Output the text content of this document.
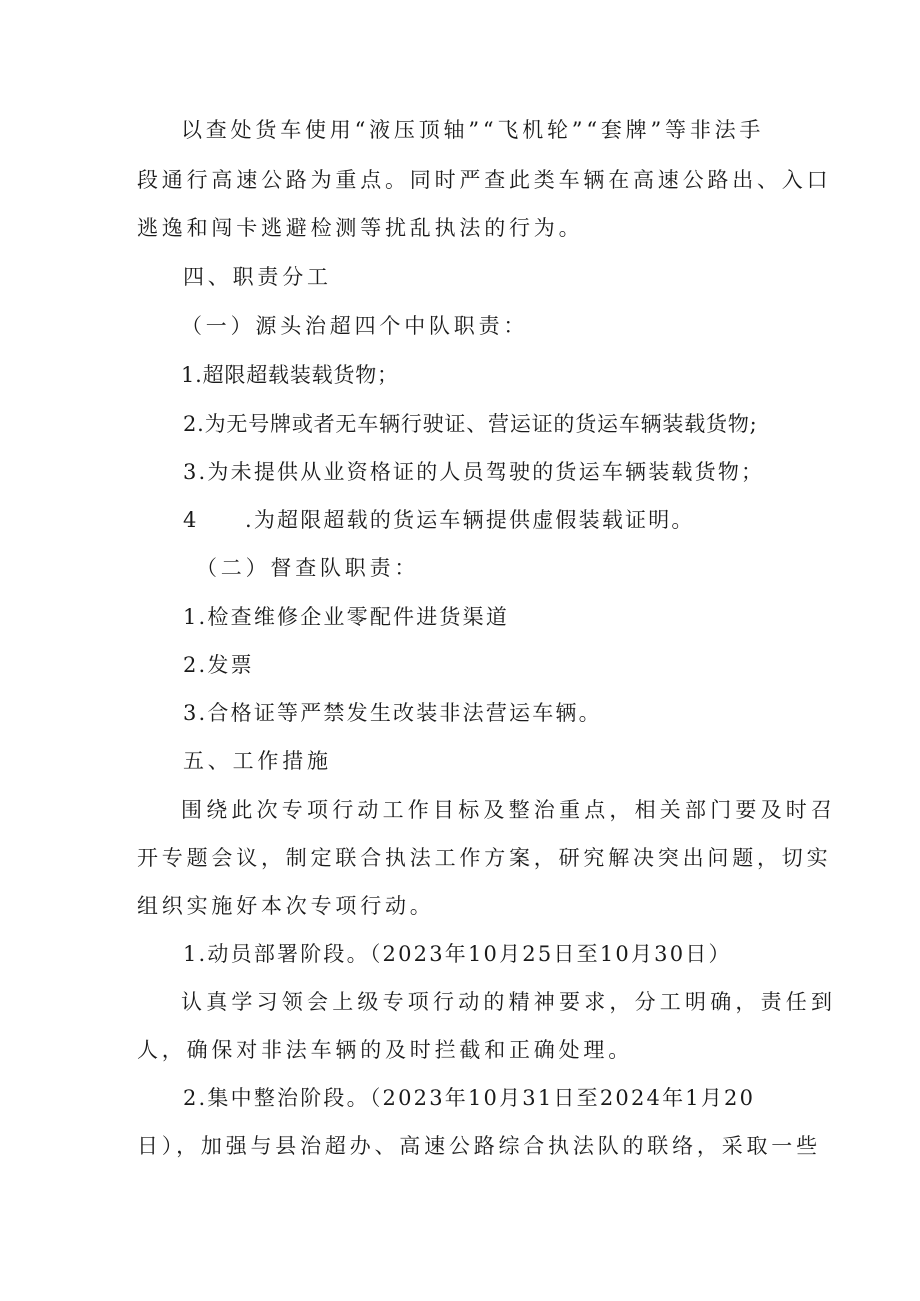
以查处货车使用“液压顶轴”“飞机轮”“套牌”等非法手
段通行高速公路为重点。同时严查此类车辆在高速公路出、入口
逃逸和闯卡逃避检测等扰乱执法的行为。
四、职责分工
（一）源头治超四个中队职责：
1.超限超载装载货物；
2.为无号牌或者无车辆行驶证、营运证的货运车辆装载货物;
3.为未提供从业资格证的人员驾驶的货运车辆装载货物；
4　　.为超限超载的货运车辆提供虚假装载证明。
（二）督查队职责：
1.检查维修企业零配件进货渠道
2.发票
3.合格证等严禁发生改装非法营运车辆。
五、工作措施
围绕此次专项行动工作目标及整治重点，相关部门要及时召
开专题会议，制定联合执法工作方案，研究解决突出问题，切实
组织实施好本次专项行动。
1.动员部署阶段。（2023年10月25日至10月30日）
认真学习领会上级专项行动的精神要求，分工明确，责任到
人，确保对非法车辆的及时拦截和正确处理。
2.集中整治阶段。（2023年10月31日至2024年1月20
日），加强与县治超办、高速公路综合执法队的联络，采取一些
